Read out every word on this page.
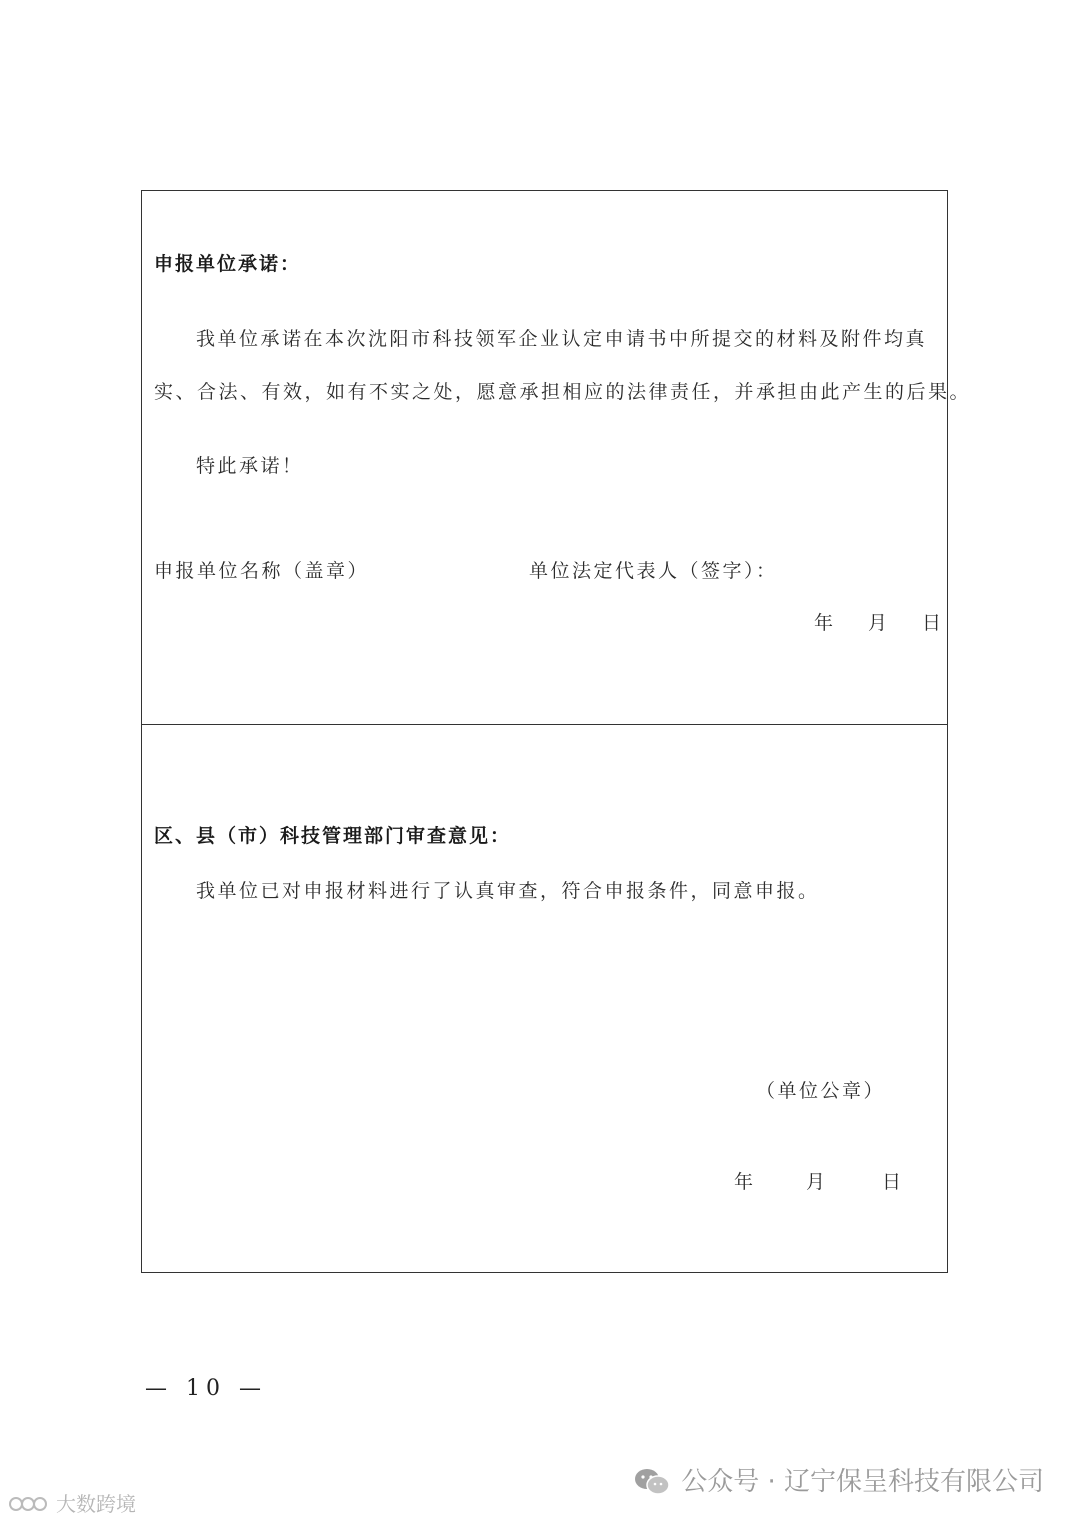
申报单位承诺：
我单位承诺在本次沈阳市科技领军企业认定申请书中所提交的材料及附件均真
实、合法、有效，如有不实之处，愿意承担相应的法律责任，并承担由此产生的后果。
特此承诺！
申报单位名称（盖章）	单位法定代表人（签字）：
年 月 日
区、县（市）科技管理部门审查意见：
我单位已对申报材料进行了认真审查，符合申报条件，同意申报。
（单位公章）
年	月	日
— 10 —
公众号 · 辽宁保呈科技有限公司
大数跨境
